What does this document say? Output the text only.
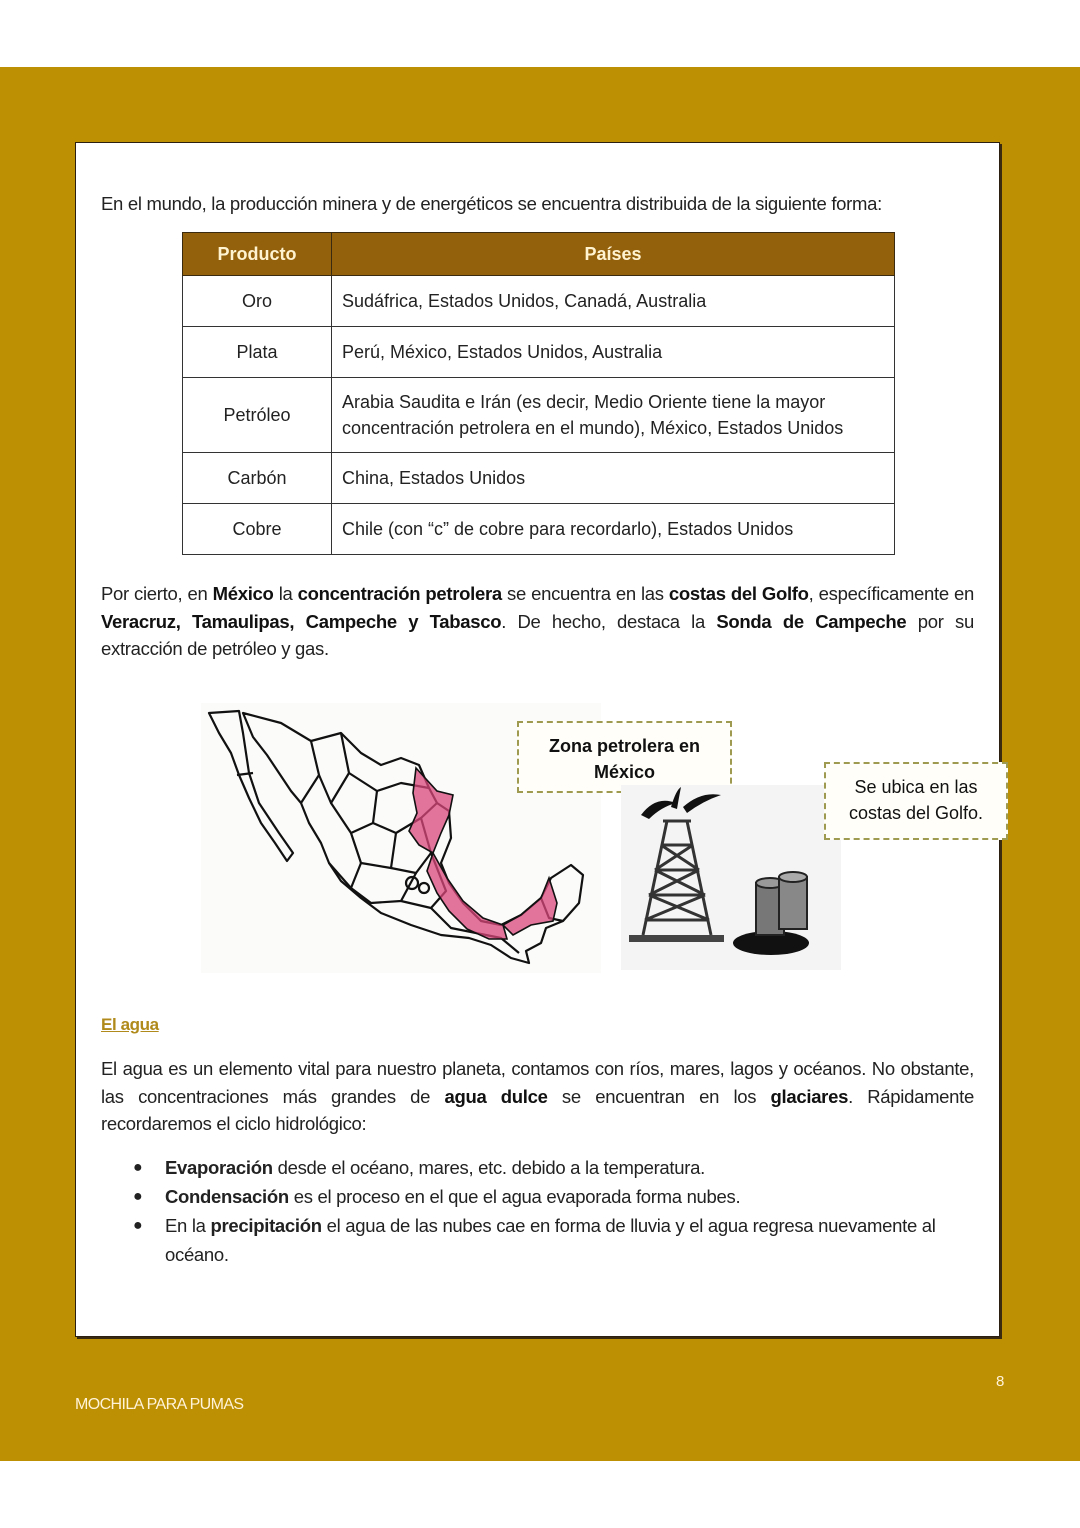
En el mundo, la producción minera y de energéticos se encuentra distribuida de la siguiente forma:
Producto	Países
Oro	Sudáfrica, Estados Unidos, Canadá, Australia
Plata	Perú, México, Estados Unidos, Australia
Petróleo	Arabia Saudita e Irán (es decir, Medio Oriente tiene la mayor concentración petrolera en el mundo), México, Estados Unidos
Carbón	China, Estados Unidos
Cobre	Chile (con “c” de cobre para recordarlo), Estados Unidos
Por cierto, en México la concentración petrolera se encuentra en las costas del Golfo, específicamente en Veracruz, Tamaulipas, Campeche y Tabasco. De hecho, destaca la Sonda de Campeche por su extracción de petróleo y gas.
Zona petrolera en México
Se ubica en las costas del Golfo.
El agua
El agua es un elemento vital para nuestro planeta, contamos con ríos, mares, lagos y océanos. No obstante, las concentraciones más grandes de agua dulce se encuentran en los glaciares. Rápidamente recordaremos el ciclo hidrológico:
● Evaporación desde el océano, mares, etc. debido a la temperatura.
● Condensación es el proceso en el que el agua evaporada forma nubes.
● En la precipitación el agua de las nubes cae en forma de lluvia y el agua regresa nuevamente al océano.
8
MOCHILA PARA PUMAS
